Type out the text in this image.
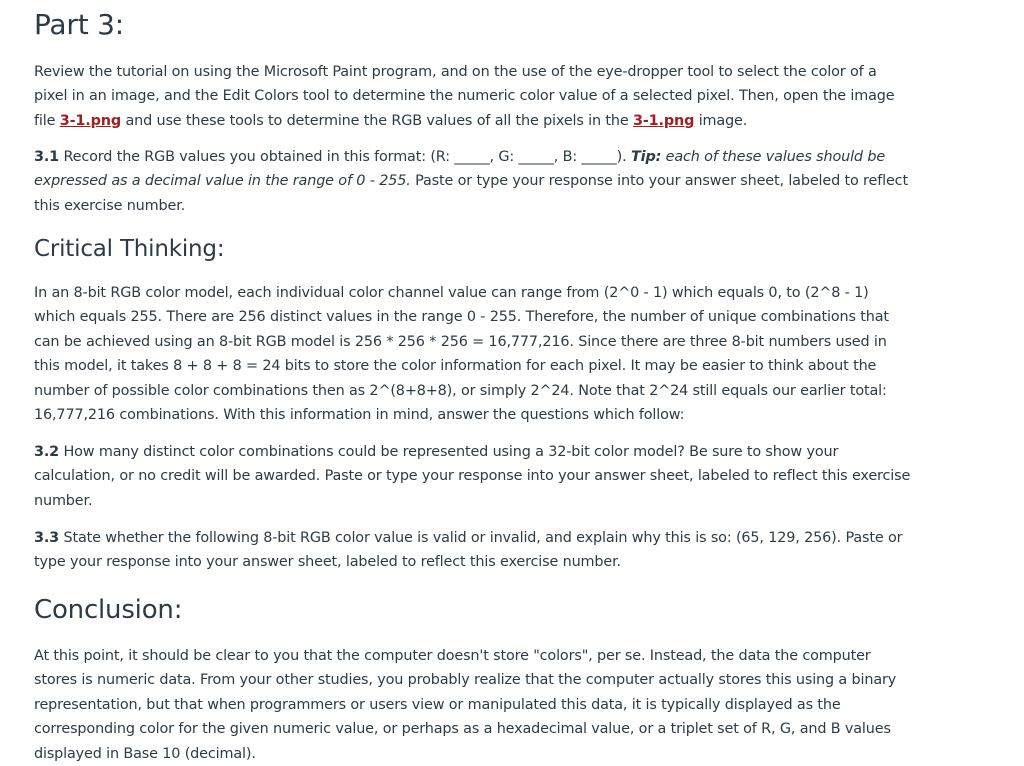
Part 3:

Review the tutorial on using the Microsoft Paint program, and on the use of the eye-dropper tool to select the color of a pixel in an image, and the Edit Colors tool to determine the numeric color value of a selected pixel. Then, open the image file 3-1.png and use these tools to determine the RGB values of all the pixels in the 3-1.png image.

3.1 Record the RGB values you obtained in this format: (R: _____, G: _____, B: _____). Tip: each of these values should be expressed as a decimal value in the range of 0 - 255. Paste or type your response into your answer sheet, labeled to reflect this exercise number.

Critical Thinking:

In an 8-bit RGB color model, each individual color channel value can range from (2^0 - 1) which equals 0, to (2^8 - 1) which equals 255. There are 256 distinct values in the range 0 - 255. Therefore, the number of unique combinations that can be achieved using an 8-bit RGB model is 256 * 256 * 256 = 16,777,216. Since there are three 8-bit numbers used in this model, it takes 8 + 8 + 8 = 24 bits to store the color information for each pixel. It may be easier to think about the number of possible color combinations then as 2^(8+8+8), or simply 2^24. Note that 2^24 still equals our earlier total: 16,777,216 combinations. With this information in mind, answer the questions which follow:

3.2 How many distinct color combinations could be represented using a 32-bit color model? Be sure to show your calculation, or no credit will be awarded. Paste or type your response into your answer sheet, labeled to reflect this exercise number.

3.3 State whether the following 8-bit RGB color value is valid or invalid, and explain why this is so: (65, 129, 256). Paste or type your response into your answer sheet, labeled to reflect this exercise number.

Conclusion:

At this point, it should be clear to you that the computer doesn't store "colors", per se. Instead, the data the computer stores is numeric data. From your other studies, you probably realize that the computer actually stores this using a binary representation, but that when programmers or users view or manipulated this data, it is typically displayed as the corresponding color for the given numeric value, or perhaps as a hexadecimal value, or a triplet set of R, G, and B values displayed in Base 10 (decimal).
